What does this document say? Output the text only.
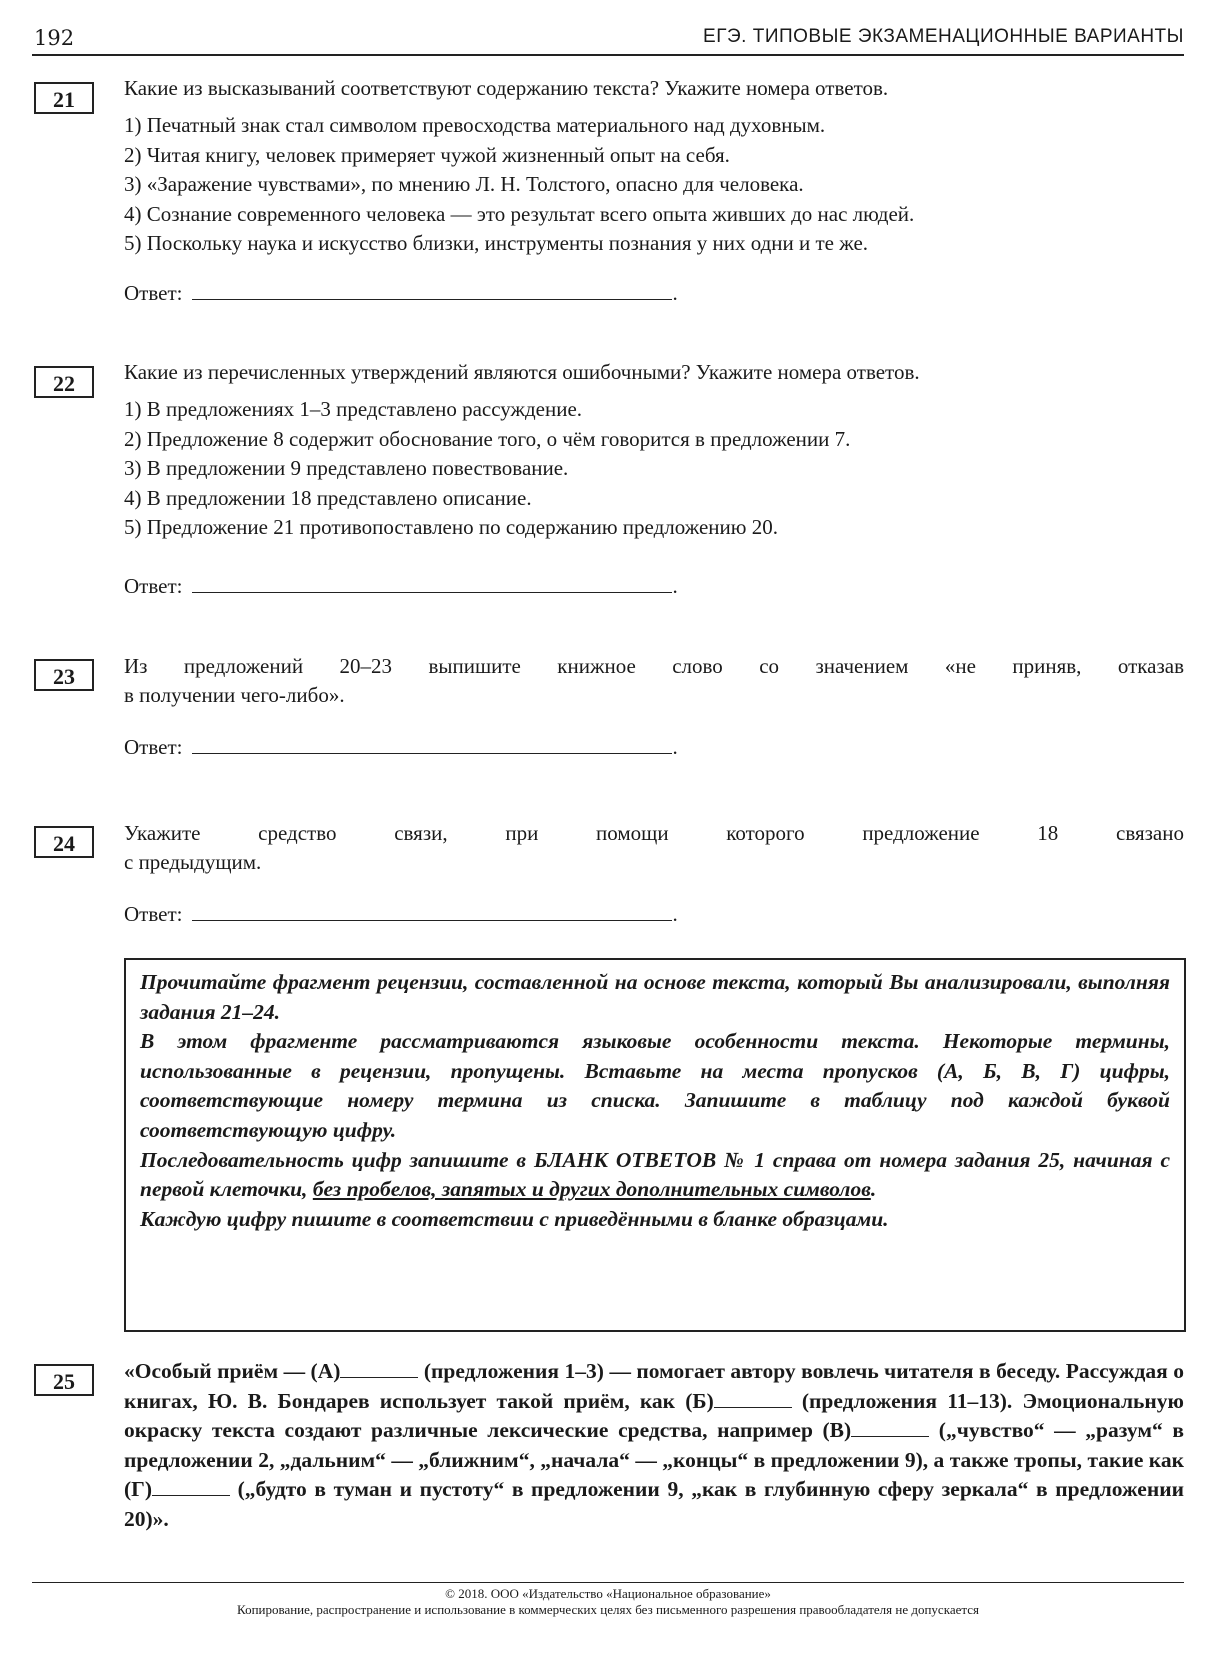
192	ЕГЭ. ТИПОВЫЕ ЭКЗАМЕНАЦИОННЫЕ ВАРИАНТЫ
21	Какие из высказываний соответствуют содержанию текста? Укажите номера ответов.

1) Печатный знак стал символом превосходства материального над духовным.

2) Читая книгу, человек примеряет чужой жизненный опыт на себя.

3) «Заражение чувствами», по мнению Л. Н. Толстого, опасно для человека.

4) Сознание современного человека — это результат всего опыта живших до нас людей.

5) Поскольку наука и искусство близки, инструменты познания у них одни и те же.

Ответ:	.
22	Какие из перечисленных утверждений являются ошибочными? Укажите номера ответов.

1) В предложениях 1–3 представлено рассуждение.

2) Предложение 8 содержит обоснование того, о чём говорится в предложении 7.

3) В предложении 9 представлено повествование.

4) В предложении 18 представлено описание.

5) Предложение 21 противопоставлено по содержанию предложению 20.

Ответ:	.
23	Из предложений 20–23 выпишите книжное слово со значением «не приняв, отказав

в получении чего-либо».

Ответ:	.
24	Укажите средство связи, при помощи которого предложение 18 связано

с предыдущим.

Ответ:	.

Прочитайте фрагмент рецензии, составленной на основе текста, который Вы анализировали, выполняя задания 21–24.

В этом фрагменте рассматриваются языковые особенности текста. Некоторые термины, использованные в рецензии, пропущены. Вставьте на места пропусков (А, Б, В, Г) цифры, соответствующие номеру термина из списка. Запишите в таблицу под каждой буквой соответствующую цифру.

Последовательность цифр запишите в БЛАНК ОТВЕТОВ № 1 справа от номера задания 25, начиная с первой клеточки, без пробелов, запятых и других дополнительных символов.

Каждую цифру пишите в соответствии с приведёнными в бланке образцами.

25	«Особый приём — (А)	(предложения 1–3) — помогает автору вовлечь читателя в беседу. Рассуждая о книгах, Ю. В. Бондарев использует такой приём, как (Б)	(предложения 11–13). Эмоциональную окраску текста создают различные лексические средства, например (В)	(„чувство“ — „разум“ в предложении 2, „дальним“ — „ближним“, „начала“ — „концы“ в предложении 9), а также тропы, такие как (Г)	(„будто в туман и пустоту“ в предложении 9, „как в глубинную сферу зеркала“ в предложении 20)».
© 2018. ООО «Издательство «Национальное образование»
Копирование, распространение и использование в коммерческих целях без письменного разрешения правообладателя не допускается
